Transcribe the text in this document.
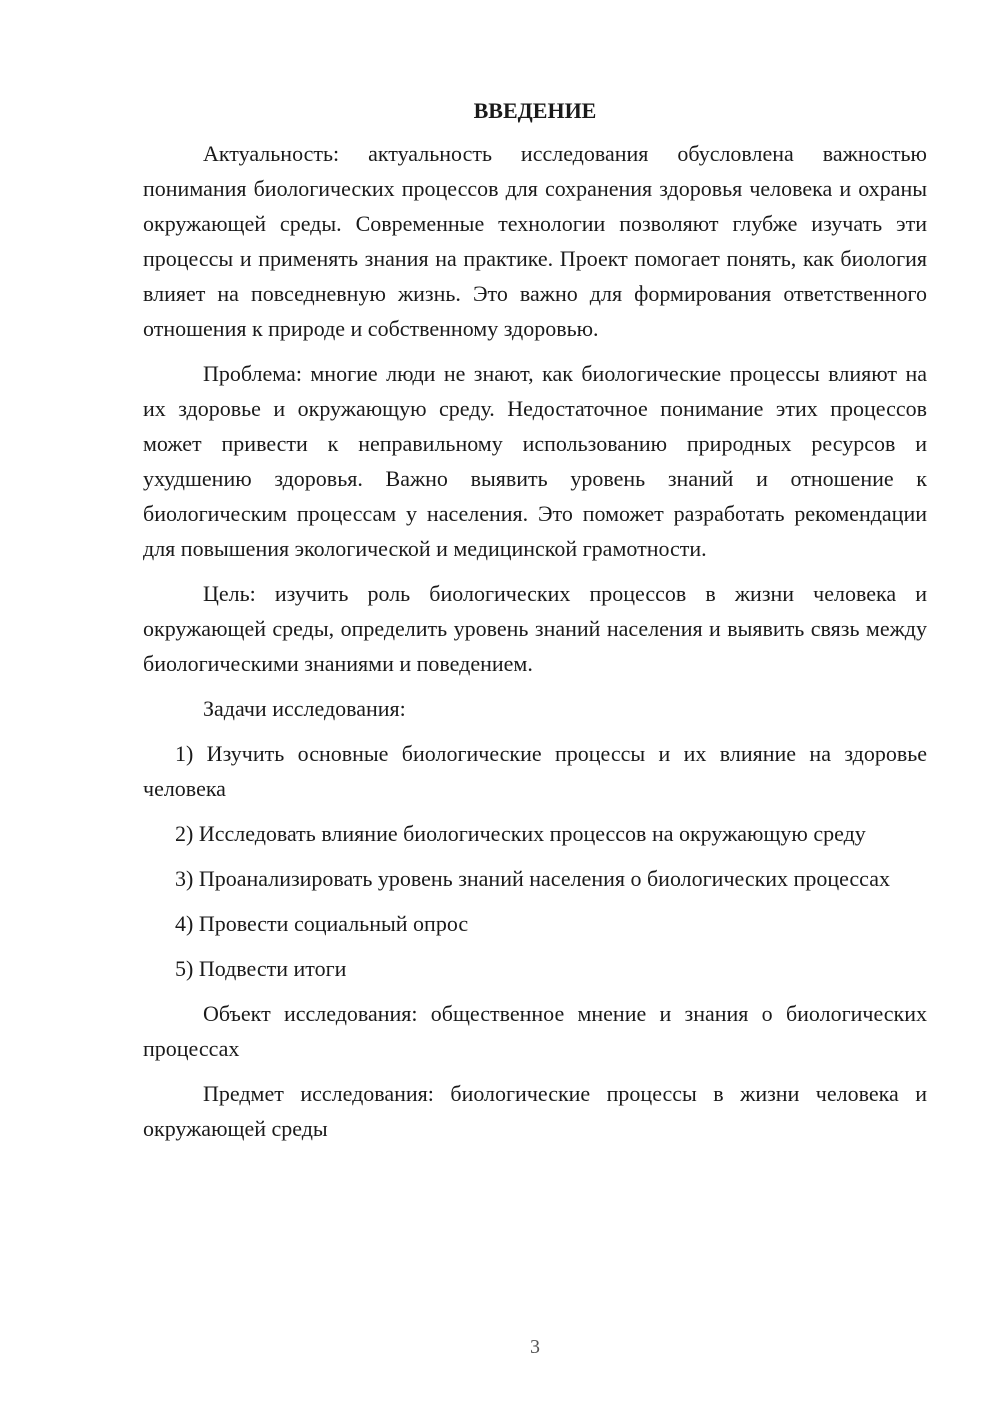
ВВЕДЕНИЕ

Актуальность: актуальность исследования обусловлена важностью понимания биологических процессов для сохранения здоровья человека и охраны окружающей среды. Современные технологии позволяют глубже изучать эти процессы и применять знания на практике. Проект помогает понять, как биология влияет на повседневную жизнь. Это важно для формирования ответственного отношения к природе и собственному здоровью.

Проблема: многие люди не знают, как биологические процессы влияют на их здоровье и окружающую среду. Недостаточное понимание этих процессов может привести к неправильному использованию природных ресурсов и ухудшению здоровья. Важно выявить уровень знаний и отношение к биологическим процессам у населения. Это поможет разработать рекомендации для повышения экологической и медицинской грамотности.

Цель: изучить роль биологических процессов в жизни человека и окружающей среды, определить уровень знаний населения и выявить связь между биологическими знаниями и поведением.

Задачи исследования:

1) Изучить основные биологические процессы и их влияние на здоровье человека

2) Исследовать влияние биологических процессов на окружающую среду

3) Проанализировать уровень знаний населения о биологических процессах

4) Провести социальный опрос

5) Подвести итоги

Объект исследования: общественное мнение и знания о биологических процессах

Предмет исследования: биологические процессы в жизни человека и окружающей среды

3
